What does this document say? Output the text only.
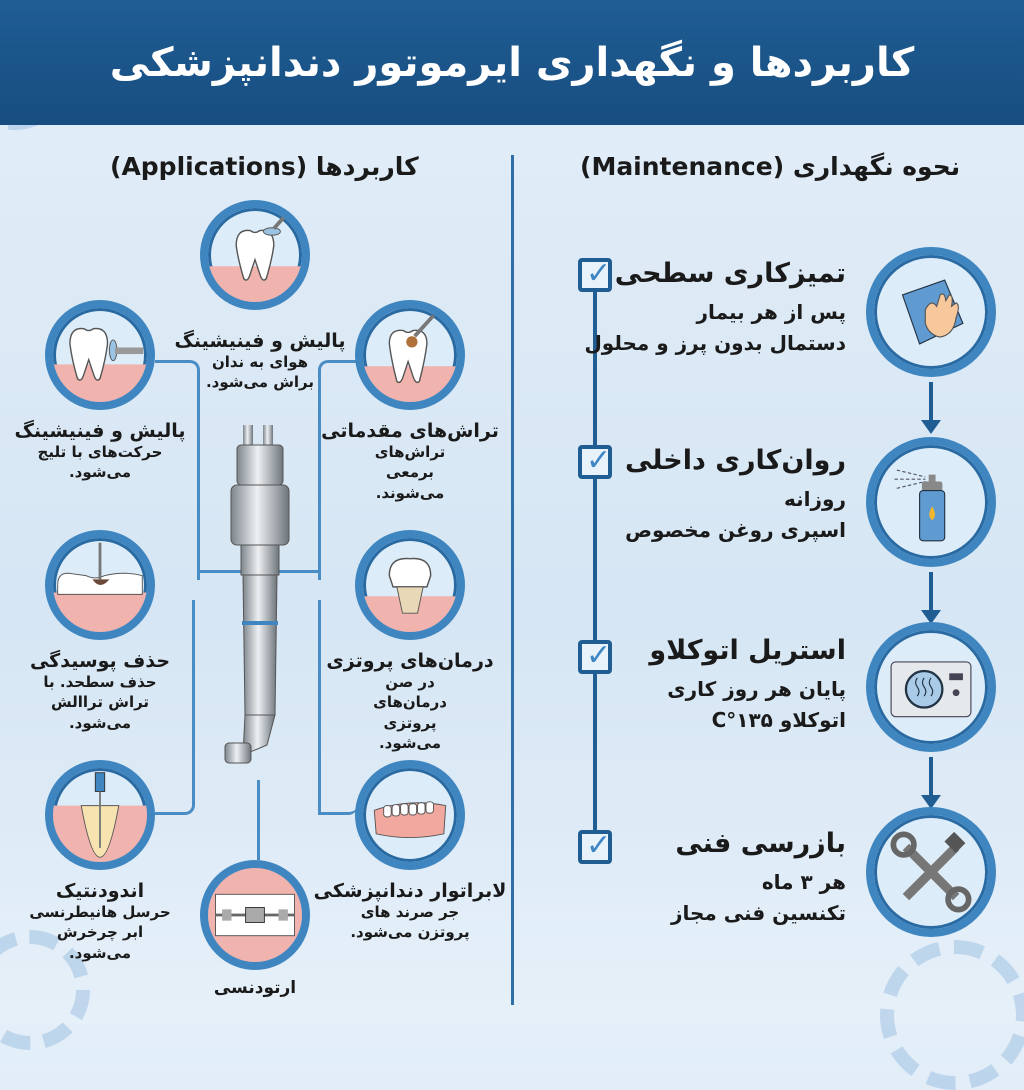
کاربردها و نگهداری ایرموتور دندانپزشکی
کاربردها (Applications)	نحوه نگهداری (Maintenance)
پالیش و فینیشینگ
هوای به ندان براش می‌شود.
پالیش و فینیشینگ
حرکت‌های با تلیج می‌شود.
تراش‌های مقدماتی
تراش‌های برمعی می‌شوند.
حذف پوسیدگی
حذف سطحد. با تراش تراالش می‌شود.
درمان‌های پروتزی
در صن درمان‌های پروتزی می‌شود.
اندودنتیک
حرسل هانیطرنسی ابر چرخرش می‌شود.
لابراتوار دندانپزشکی
جر صرند های پروتزن می‌شود.
ارتودنسی
✓
✓
✓
✓
تمیزکاری سطحی
پس از هر بیمار
دستمال بدون پرز و محلول
روان‌کاری داخلی
روزانه
اسپری روغن مخصوص
استریل اتوکلاو
پایان هر روز کاری
اتوکلاو ۱۳۵°C
بازرسی فنی
هر ۳ ماه
تکنسین فنی مجاز
